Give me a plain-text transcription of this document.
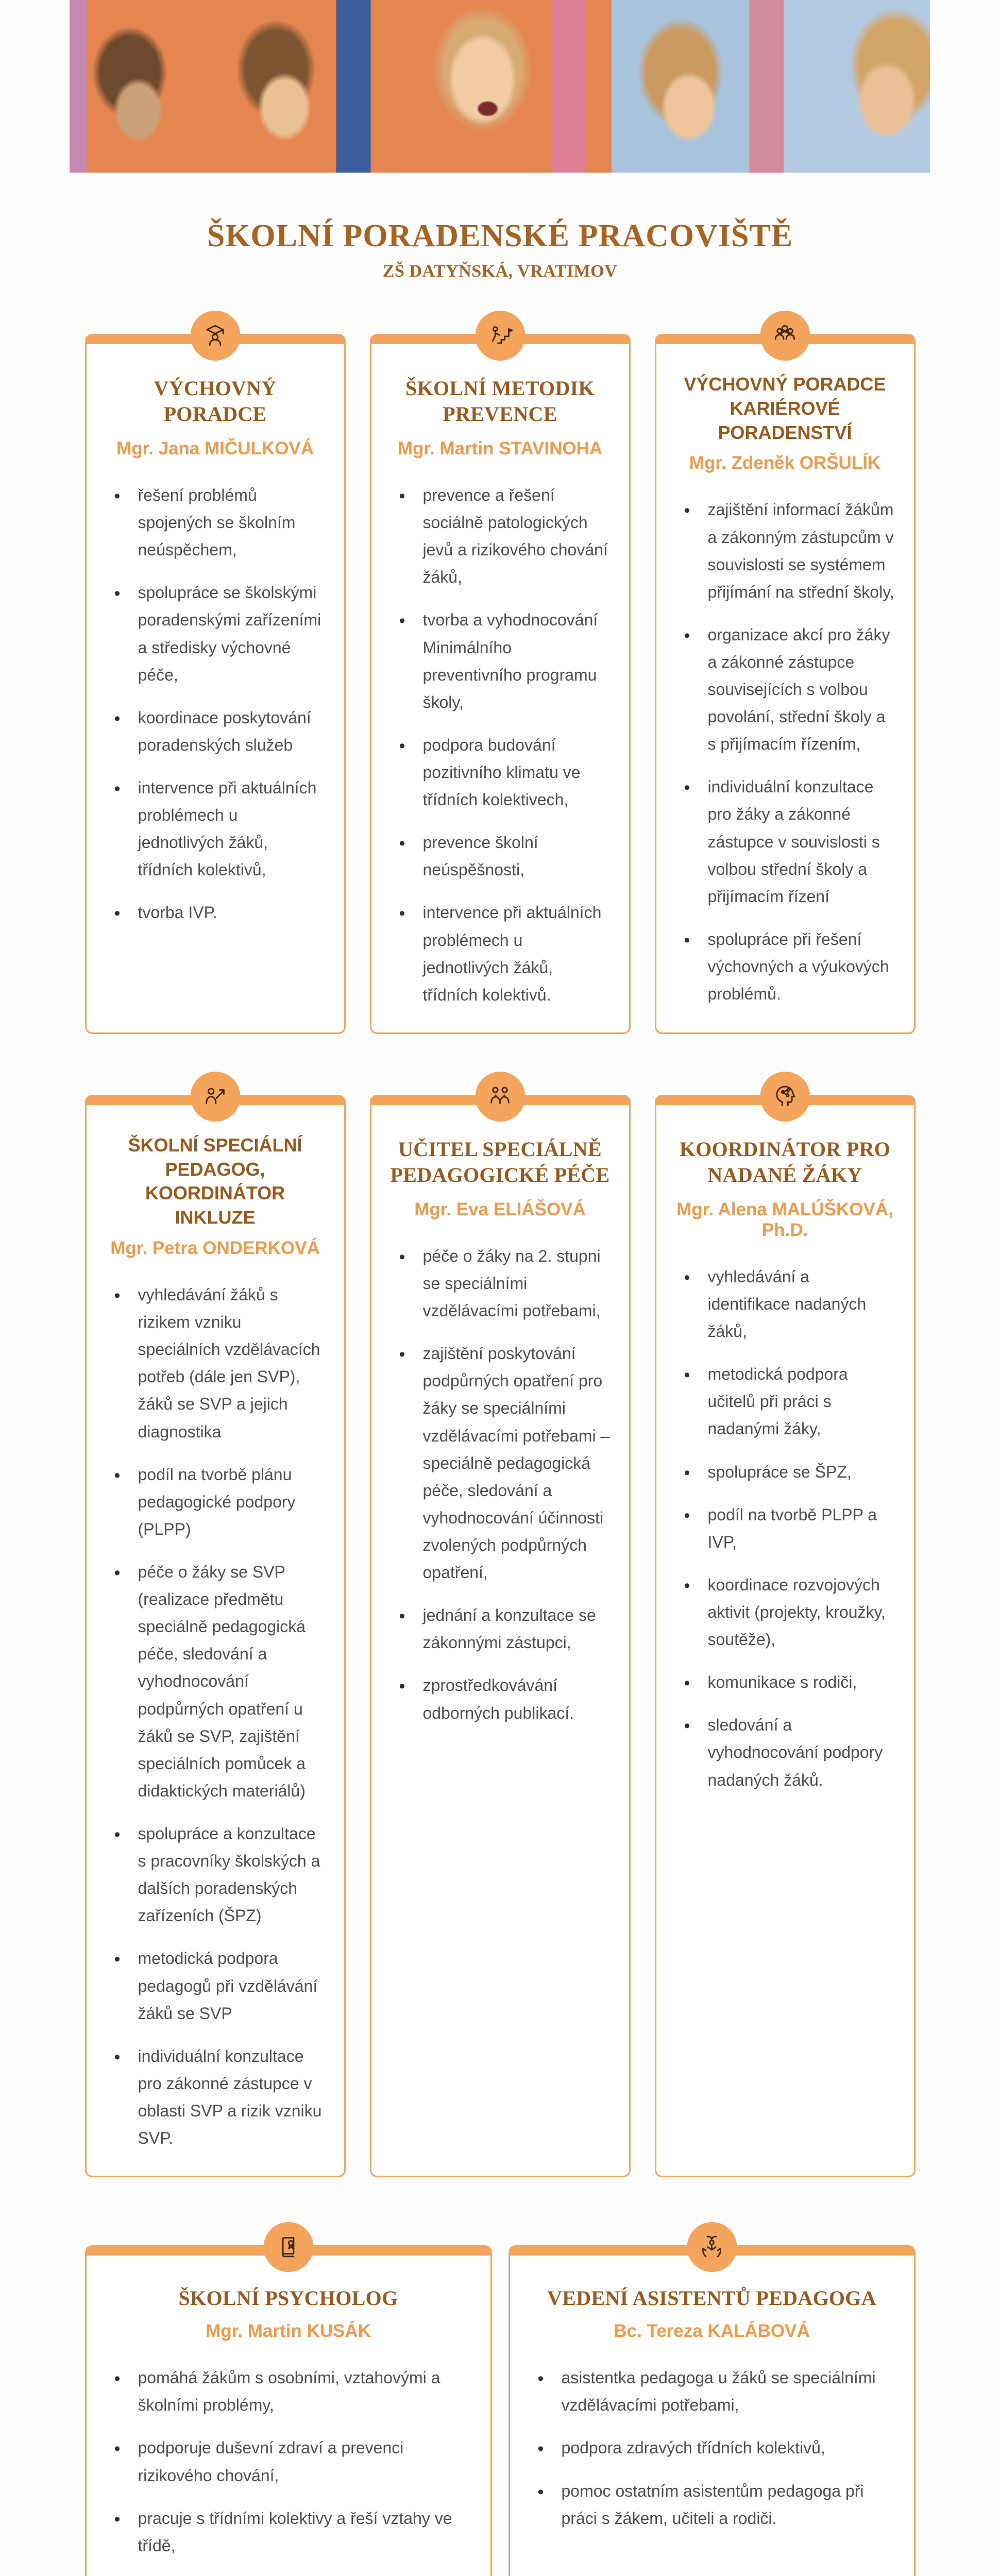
ŠKOLNÍ PORADENSKÉ PRACOVIŠTĚ
ZŠ DATYŇSKÁ, VRATIMOV
VÝCHOVNÝ PORADCE

Mgr. Jana MIČULKOVÁ

• řešení problémů spojených se školním neúspěchem,
• spolupráce se školskými poradenskými zařízeními a středisky výchovné péče,
• koordinace poskytování poradenských služeb
• intervence při aktuálních problémech u jednotlivých žáků, třídních kolektivů,
• tvorba IVP.
ŠKOLNÍ METODIK PREVENCE

Mgr. Martin STAVINOHA

• prevence a řešení sociálně patologických jevů a rizikového chování žáků,
• tvorba a vyhodnocování Minimálního preventivního programu školy,
• podpora budování pozitivního klimatu ve třídních kolektivech,
• prevence školní neúspěšnosti,
• intervence při aktuálních problémech u jednotlivých žáků, třídních kolektivů.
VÝCHOVNÝ PORADCE KARIÉROVÉ PORADENSTVÍ

Mgr. Zdeněk ORŠULÍK

• zajištění informací žákům a zákonným zástupcům v souvislosti se systémem přijímání na střední školy,
• organizace akcí pro žáky a zákonné zástupce souvisejících s volbou povolání, střední školy a s přijímacím řízením,
• individuální konzultace pro žáky a zákonné zástupce v souvislosti s volbou střední školy a přijímacím řízení
• spolupráce při řešení výchovných a výukových problémů.
ŠKOLNÍ SPECIÁLNÍ PEDAGOG, KOORDINÁTOR INKLUZE

Mgr. Petra ONDERKOVÁ

• vyhledávání žáků s rizikem vzniku speciálních vzdělávacích potřeb (dále jen SVP), žáků se SVP a jejich diagnostika
• podíl na tvorbě plánu pedagogické podpory (PLPP)
• péče o žáky se SVP (realizace předmětu speciálně pedagogická péče, sledování a vyhodnocování podpůrných opatření u žáků se SVP, zajištění speciálních pomůcek a didaktických materiálů)
• spolupráce a konzultace s pracovníky školských a dalších poradenských zařízeních (ŠPZ)
• metodická podpora pedagogů při vzdělávání žáků se SVP
• individuální konzultace pro zákonné zástupce v oblasti SVP a rizik vzniku SVP.
UČITEL SPECIÁLNĚ PEDAGOGICKÉ PÉČE

Mgr. Eva ELIÁŠOVÁ

• péče o žáky na 2. stupni se speciálními vzdělávacími potřebami,
• zajištění poskytování podpůrných opatření pro žáky se speciálními vzdělávacími potřebami – speciálně pedagogická péče, sledování a vyhodnocování účinnosti zvolených podpůrných opatření,
• jednání a konzultace se zákonnými zástupci,
• zprostředkovávání odborných publikací.
KOORDINÁTOR PRO NADANÉ ŽÁKY

Mgr. Alena MALÚŠKOVÁ, Ph.D.

• vyhledávání a identifikace nadaných žáků,
• metodická podpora učitelů při práci s nadanými žáky,
• spolupráce se ŠPZ,
• podíl na tvorbě PLPP a IVP,
• koordinace rozvojových aktivit (projekty, kroužky, soutěže),
• komunikace s rodiči,
• sledování a vyhodnocování podpory nadaných žáků.
ŠKOLNÍ PSYCHOLOG

Mgr. Martin KUSÁK

• pomáhá žákům s osobními, vztahovými a školními problémy,
• podporuje duševní zdraví a prevenci rizikového chování,
• pracuje s třídními kolektivy a řeší vztahy ve třídě,
•
VEDENÍ ASISTENTŮ PEDAGOGA

Bc. Tereza KALÁBOVÁ

• asistentka pedagoga u žáků se speciálními vzdělávacími potřebami,
• podpora zdravých třídních kolektivů,
• pomoc ostatním asistentům pedagoga při práci s žákem, učiteli a rodiči.
